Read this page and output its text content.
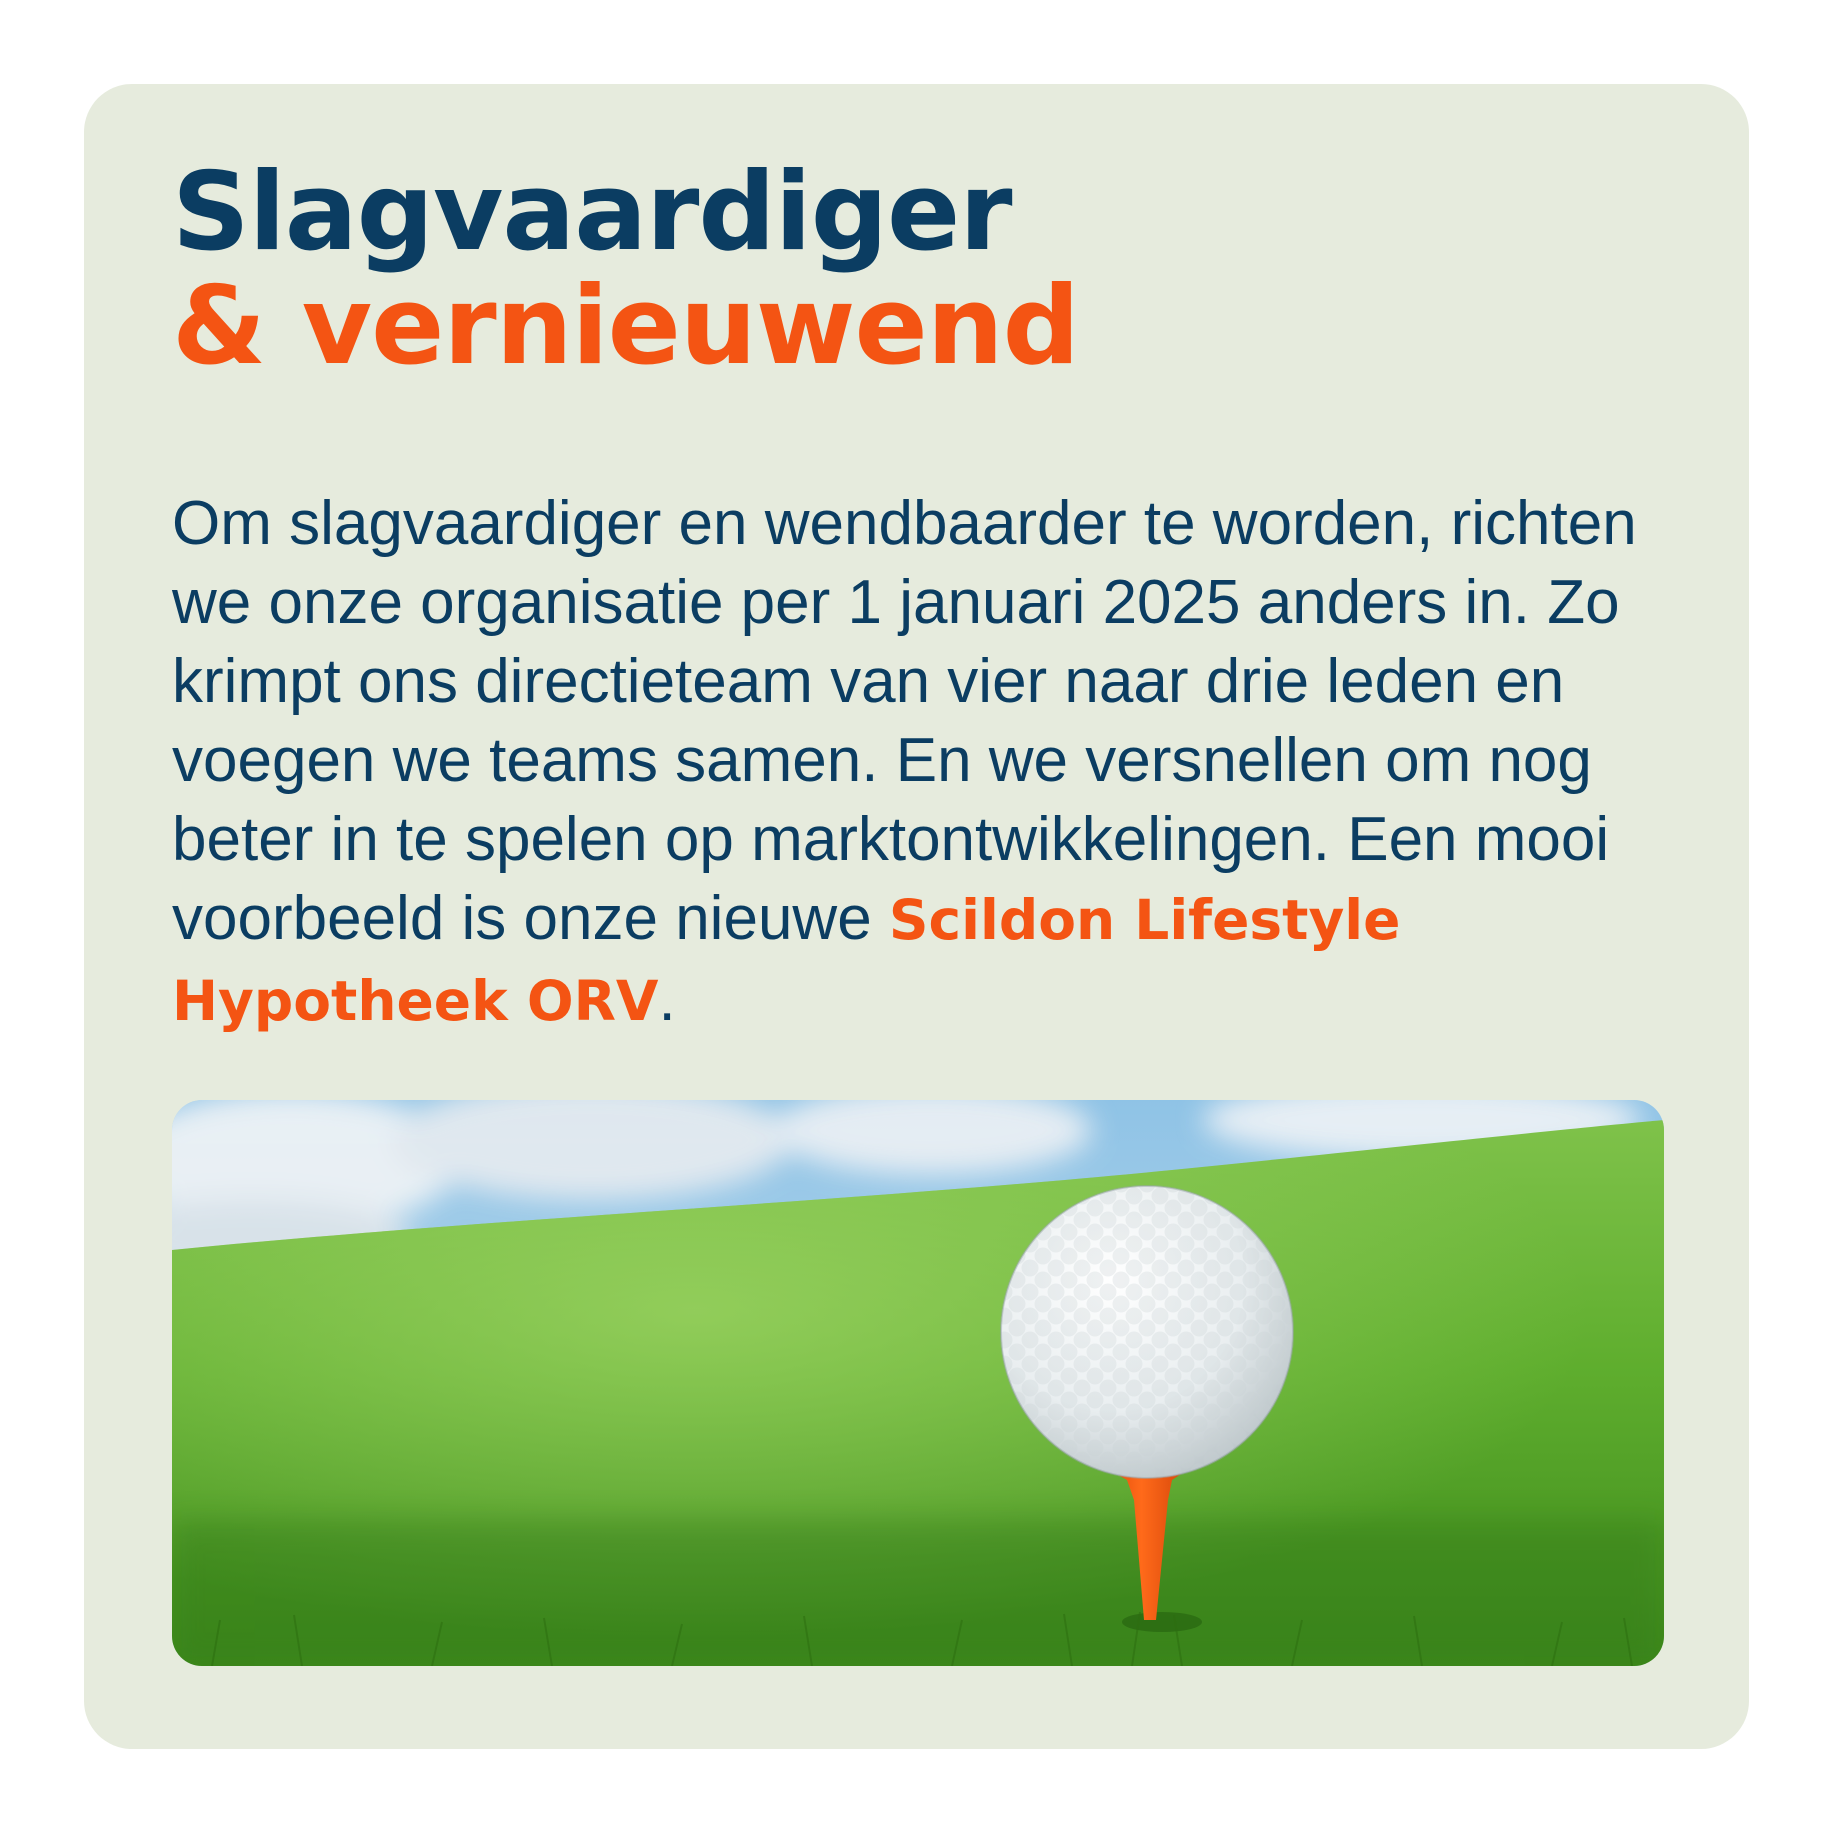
Slagvaardiger
& vernieuwend

Om slagvaardiger en wendbaarder te worden, richten we onze organisatie per 1 januari 2025 anders in. Zo krimpt ons directieteam van vier naar drie leden en voegen we teams samen. En we versnellen om nog beter in te spelen op marktontwikkelingen. Een mooi voorbeeld is onze nieuwe Scildon Lifestyle Hypotheek ORV.
